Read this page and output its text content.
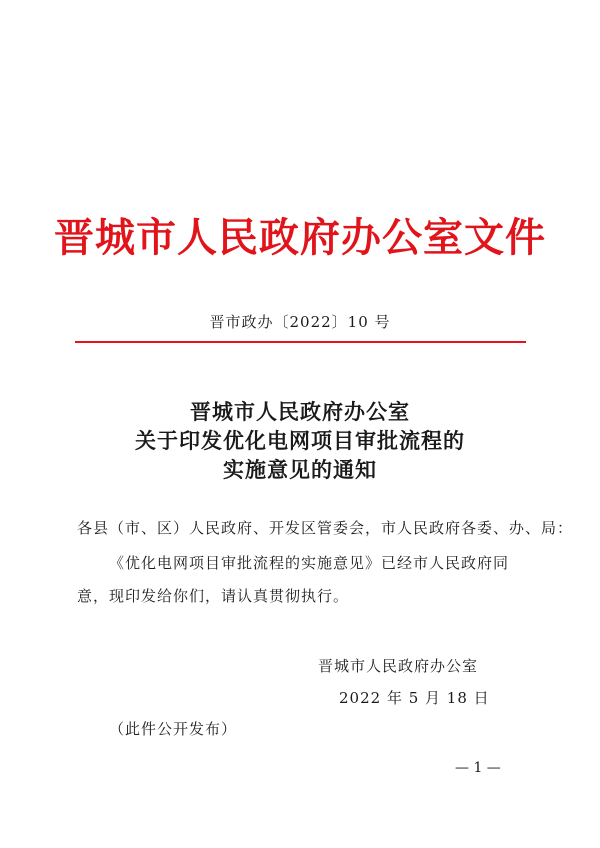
晋城市人民政府办公室文件
晋市政办〔2022〕10 号
晋城市人民政府办公室
关于印发优化电网项目审批流程的
实施意见的通知
各县（市、区）人民政府、开发区管委会，市人民政府各委、办、局：
《优化电网项目审批流程的实施意见》已经市人民政府同
意，现印发给你们，请认真贯彻执行。
晋城市人民政府办公室
2022 年 5 月 18 日
（此件公开发布）
— 1 —
